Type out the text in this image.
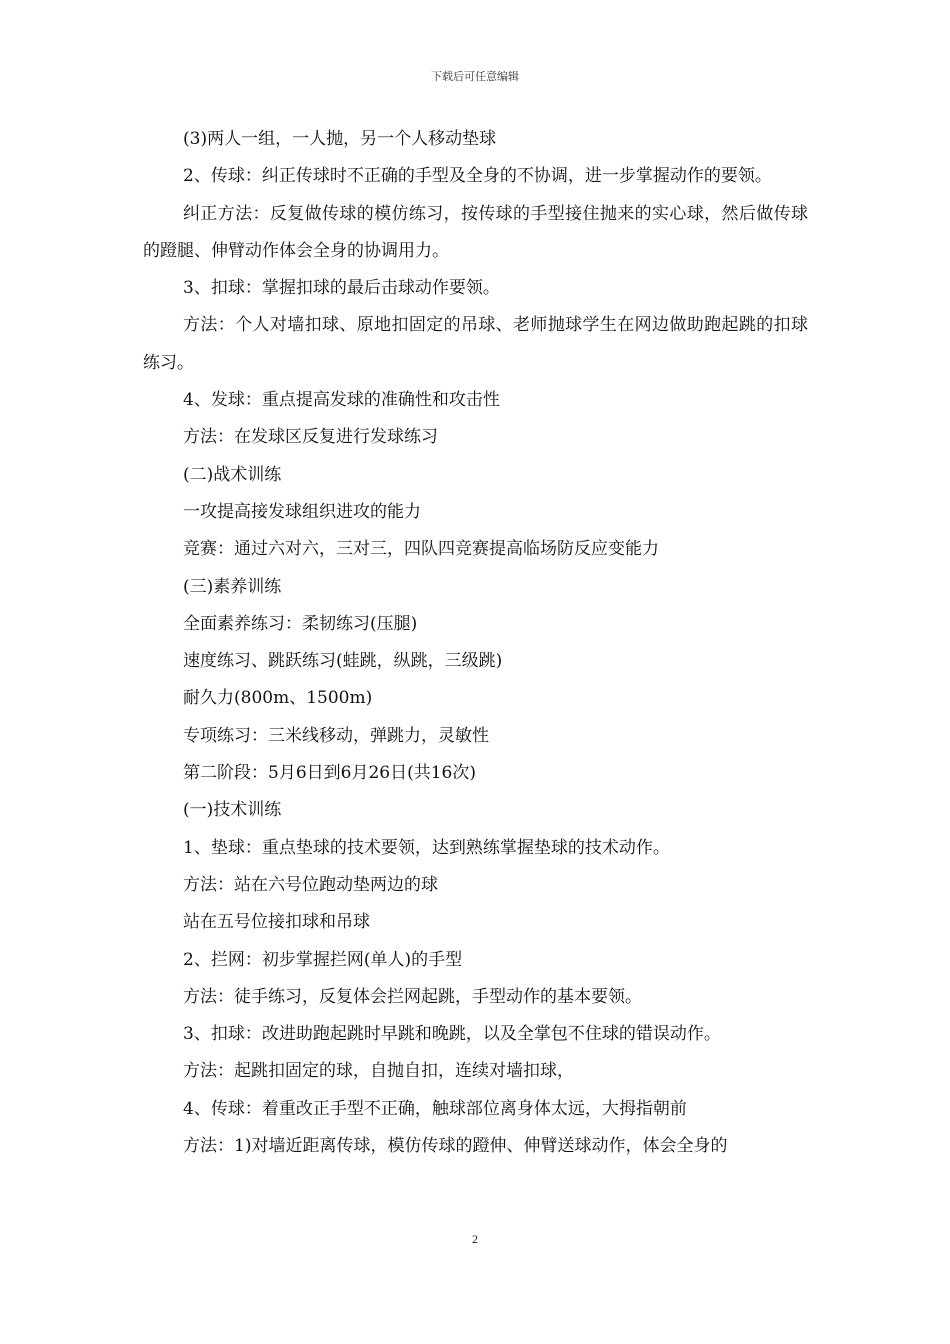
下载后可任意编辑

(3)两人一组，一人抛，另一个人移动垫球

2、传球：纠正传球时不正确的手型及全身的不协调，进一步掌握动作的要领。

纠正方法：反复做传球的模仿练习，按传球的手型接住抛来的实心球，然后做传球的蹬腿、伸臂动作体会全身的协调用力。

3、扣球：掌握扣球的最后击球动作要领。

方法：个人对墙扣球、原地扣固定的吊球、老师抛球学生在网边做助跑起跳的扣球练习。

4、发球：重点提高发球的准确性和攻击性

方法：在发球区反复进行发球练习

(二)战术训练

一攻提高接发球组织进攻的能力

竞赛：通过六对六，三对三，四队四竞赛提高临场防反应变能力

(三)素养训练

全面素养练习：柔韧练习(压腿)

速度练习、跳跃练习(蛙跳，纵跳，三级跳)

耐久力(800m、1500m)

专项练习：三米线移动，弹跳力，灵敏性

第二阶段：5月6日到6月26日(共16次)

(一)技术训练

1、垫球：重点垫球的技术要领，达到熟练掌握垫球的技术动作。

方法：站在六号位跑动垫两边的球

站在五号位接扣球和吊球

2、拦网：初步掌握拦网(单人)的手型

方法：徒手练习，反复体会拦网起跳，手型动作的基本要领。

3、扣球：改进助跑起跳时早跳和晚跳，以及全掌包不住球的错误动作。

方法：起跳扣固定的球，自抛自扣，连续对墙扣球，

4、传球：着重改正手型不正确，触球部位离身体太远，大拇指朝前

方法：1)对墙近距离传球，模仿传球的蹬伸、伸臂送球动作，体会全身的

2
